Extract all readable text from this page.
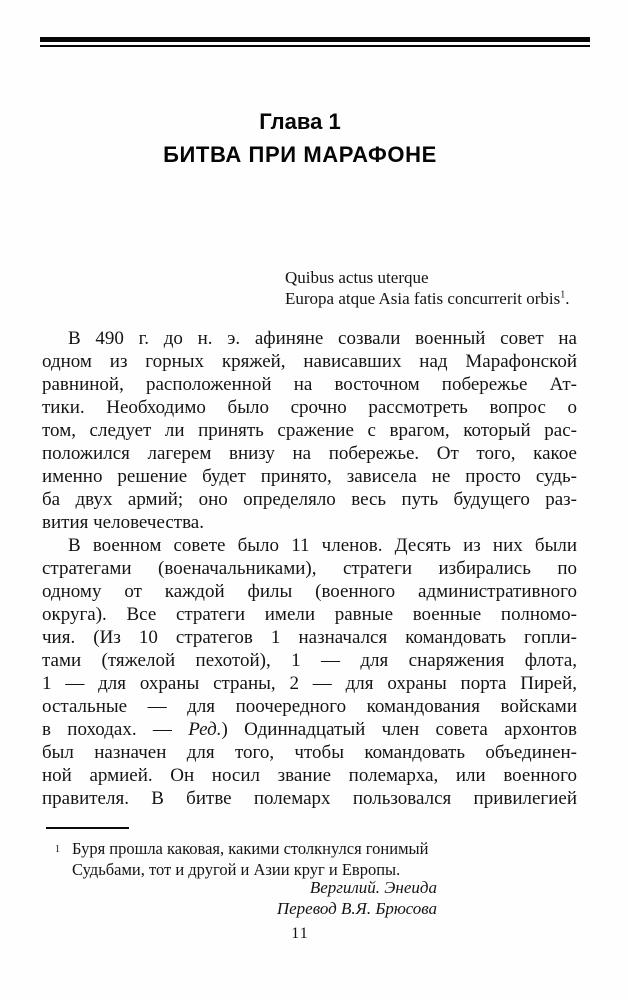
Глава 1
БИТВА ПРИ МАРАФОНЕ
Quibus actus uterque
Europa atque Asia fatis concurrerit orbis$^1$.
В 490 г. до н. э. афиняне созвали военный совет на
одном из горных кряжей, нависавших над Марафонской
равниной, расположенной на восточном побережье Ат-
тики. Необходимо было срочно рассмотреть вопрос о
том, следует ли принять сражение с врагом, который рас-
положился лагерем внизу на побережье. От того, какое
именно решение будет принято, зависела не просто судь-
ба двух армий; оно определяло весь путь будущего раз-
вития человечества.
В военном совете было 11 членов. Десять из них были
стратегами (военачальниками), стратеги избирались по
одному от каждой филы (военного административного
округа). Все стратеги имели равные военные полномо-
чия. (Из 10 стратегов 1 назначался командовать гопли-
тами (тяжелой пехотой), 1 — для снаряжения флота,
1 — для охраны страны, 2 — для охраны порта Пирей,
остальные — для поочередного командования войсками
в походах. — Ред.) Одиннадцатый член совета архонтов
был назначен для того, чтобы командовать объединен-
ной армией. Он носил звание полемарха, или военного
правителя. В битве полемарх пользовался привилегией
1 Буря прошла каковая, какими столкнулся гонимый
Судьбами, тот и другой и Азии круг и Европы.
Вергилий. Энеида
Перевод В.Я. Брюсова
11
